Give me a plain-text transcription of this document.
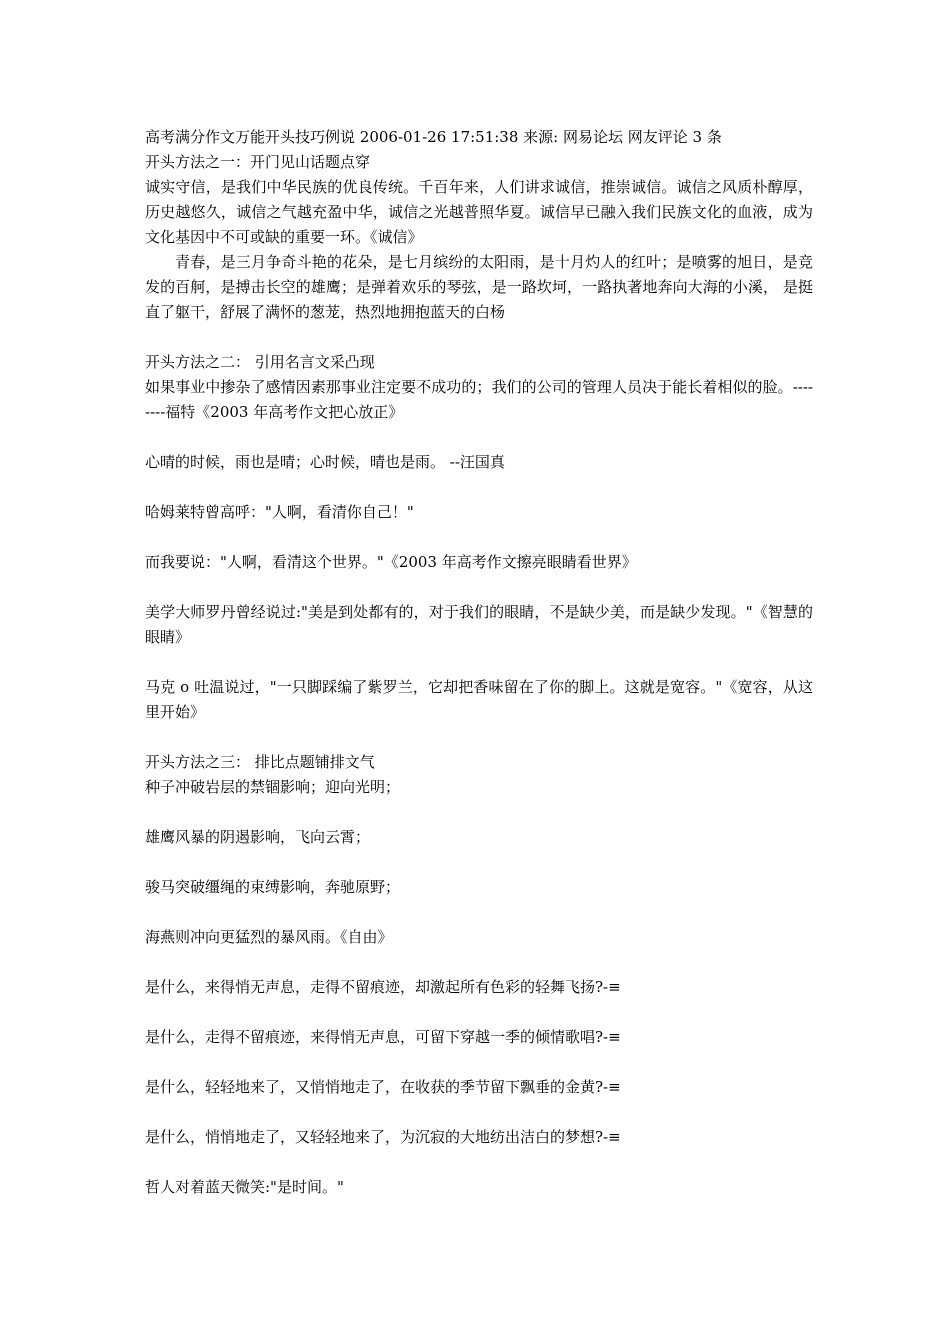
高考满分作文万能开头技巧例说 2006-01-26 17:51:38 来源: 网易论坛 网友评论 3 条

开头方法之一：开门见山话题点穿

诚实守信，是我们中华民族的优良传统。千百年来，人们讲求诚信，推崇诚信。诚信之风质朴醇厚，历史越悠久，诚信之气越充盈中华，诚信之光越普照华夏。诚信早已融入我们民族文化的血液，成为文化基因中不可或缺的重要一环。《诚信》

青春，是三月争奇斗艳的花朵，是七月缤纷的太阳雨，是十月灼人的红叶；是喷雾的旭日，是竞发的百舸，是搏击长空的雄鹰；是弹着欢乐的琴弦，是一路坎坷，一路执著地奔向大海的小溪， 是挺直了躯干，舒展了满怀的葱茏，热烈地拥抱蓝天的白杨

开头方法之二： 引用名言文采凸现

如果事业中掺杂了感情因素那事业注定要不成功的；我们的公司的管理人员决于能长着相似的脸。--------福特《2003 年高考作文把心放正》

心晴的时候，雨也是晴；心时候，晴也是雨。 --汪国真

哈姆莱特曾高呼："人啊，看清你自己！"

而我要说："人啊，看清这个世界。"《2003 年高考作文擦亮眼睛看世界》

美学大师罗丹曾经说过:"美是到处都有的，对于我们的眼睛，不是缺少美，而是缺少发现。"《智慧的眼睛》

马克 o 吐温说过，"一只脚踩编了紫罗兰，它却把香味留在了你的脚上。这就是宽容。"《宽容，从这里开始》

开头方法之三： 排比点题铺排文气

种子冲破岩层的禁锢影响；迎向光明；

雄鹰风暴的阴遏影响，飞向云霄；

骏马突破缰绳的束缚影响，奔驰原野；

海燕则冲向更猛烈的暴风雨。《自由》

是什么，来得悄无声息，走得不留痕迹，却激起所有色彩的轻舞飞扬?-≡

是什么，走得不留痕迹，来得悄无声息，可留下穿越一季的倾情歌唱?-≡

是什么，轻轻地来了，又悄悄地走了，在收获的季节留下飘垂的金黄?-≡

是什么，悄悄地走了，又轻轻地来了，为沉寂的大地纺出洁白的梦想?-≡

哲人对着蓝天微笑:"是时间。"
